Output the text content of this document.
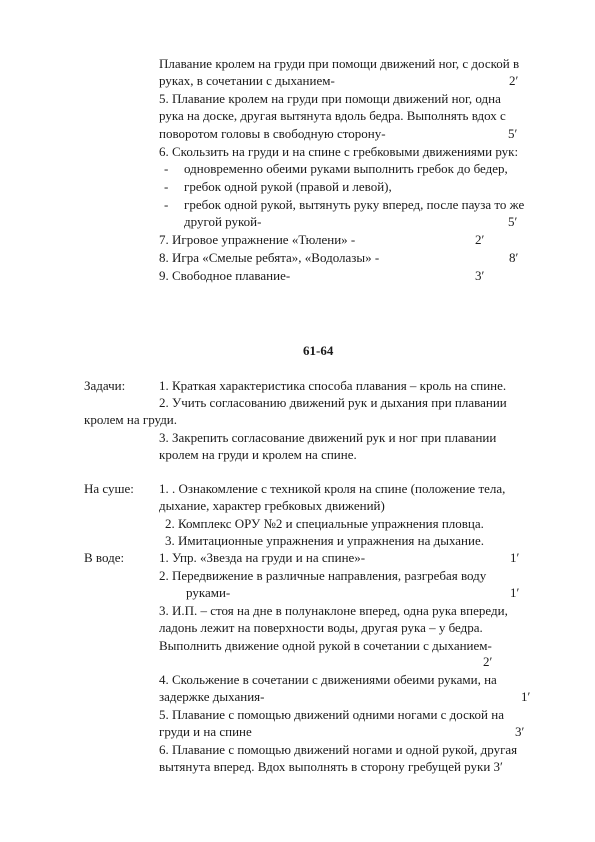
Плавание кролем на груди при помощи движений ног, с доской в
руках, в сочетании с дыханием-	2′
5. Плавание кролем на груди при помощи движений ног, одна
рука на доске, другая вытянута вдоль бедра. Выполнять вдох с
поворотом головы в свободную сторону-	5′
6. Скользить на груди и на спине с гребковыми движениями рук:
- одновременно обеими руками выполнить гребок до бедер,
- гребок одной рукой (правой и левой),
- гребок одной рукой, вытянуть руку вперед, после пауза то же
другой рукой-	5′
7. Игровое упражнение «Тюлени» -	2′
8. Игра «Смелые ребята», «Водолазы» -	8′
9. Свободное плавание-	3′
61-64
Задачи:	1. Краткая характеристика способа плавания – кроль на спине.
2. Учить согласованию движений рук и дыхания при плавании
кролем на груди.
3. Закрепить согласование движений рук и ног при плавании
кролем на груди и кролем на спине.
На суше: 1. . Ознакомление с техникой кроля на спине (положение тела,
дыхание, характер гребковых движений)
2. Комплекс ОРУ №2 и специальные упражнения пловца.
3. Имитационные упражнения и упражнения на дыхание.
В воде:	1. Упр. «Звезда на груди и на спине»-	1′
2. Передвижение в различные направления, разгребая воду
руками-	1′
3. И.П. – стоя на дне в полунаклоне вперед, одна рука впереди,
ладонь лежит на поверхности воды, другая рука – у бедра.
Выполнить движение одной рукой в сочетании с дыханием-
2′
4. Скольжение в сочетании с движениями обеими руками, на
задержке дыхания-	1′
5. Плавание с помощью движений одними ногами с доской на
груди и на спине	3′
6. Плавание с помощью движений ногами и одной рукой, другая
вытянута вперед. Вдох выполнять в сторону гребущей руки 3′
